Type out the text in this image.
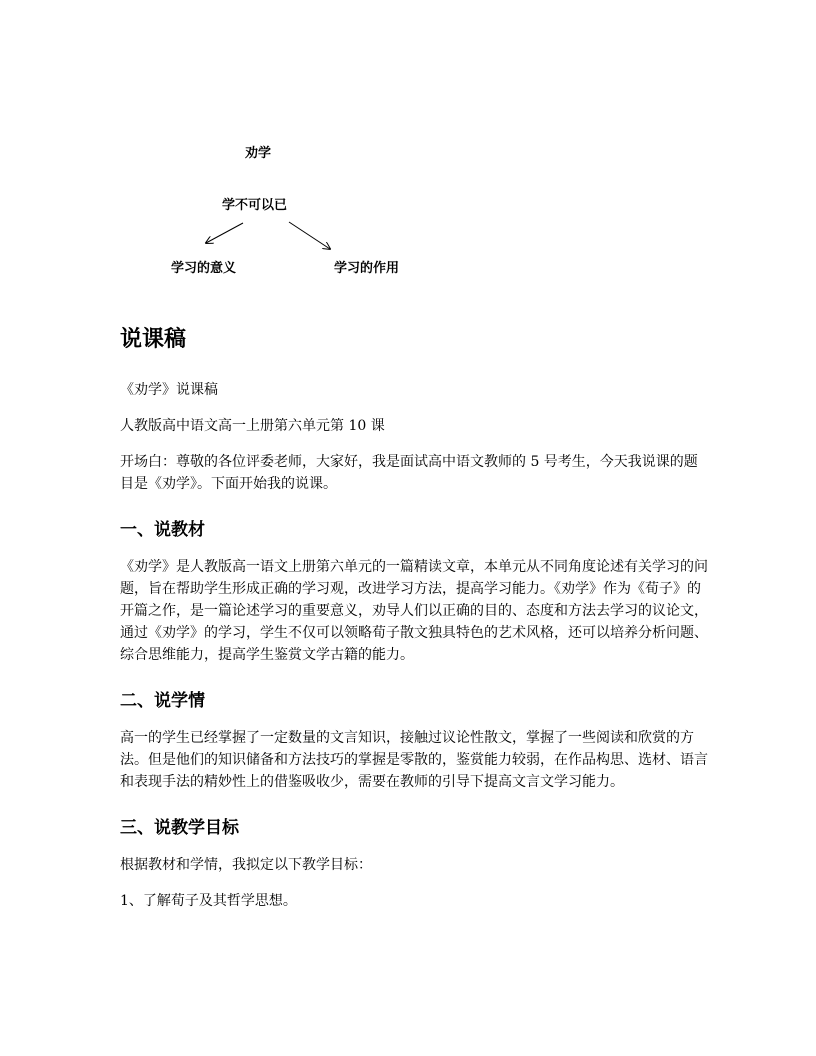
劝学
学不可以已
学习的意义	学习的作用
说课稿

《劝学》说课稿

人教版高中语文高一上册第六单元第 10 课

开场白：尊敬的各位评委老师，大家好，我是面试高中语文教师的 5 号考生，今天我说课的题目是《劝学》。下面开始我的说课。

一、说教材

《劝学》是人教版高一语文上册第六单元的一篇精读文章，本单元从不同角度论述有关学习的问题，旨在帮助学生形成正确的学习观，改进学习方法，提高学习能力。《劝学》作为《荀子》的开篇之作，是一篇论述学习的重要意义，劝导人们以正确的目的、态度和方法去学习的议论文，通过《劝学》的学习，学生不仅可以领略荀子散文独具特色的艺术风格，还可以培养分析问题、综合思维能力，提高学生鉴赏文学古籍的能力。

二、说学情

高一的学生已经掌握了一定数量的文言知识，接触过议论性散文，掌握了一些阅读和欣赏的方法。但是他们的知识储备和方法技巧的掌握是零散的，鉴赏能力较弱，在作品构思、选材、语言和表现手法的精妙性上的借鉴吸收少，需要在教师的引导下提高文言文学习能力。

三、说教学目标

根据教材和学情，我拟定以下教学目标：

1、了解荀子及其哲学思想。
